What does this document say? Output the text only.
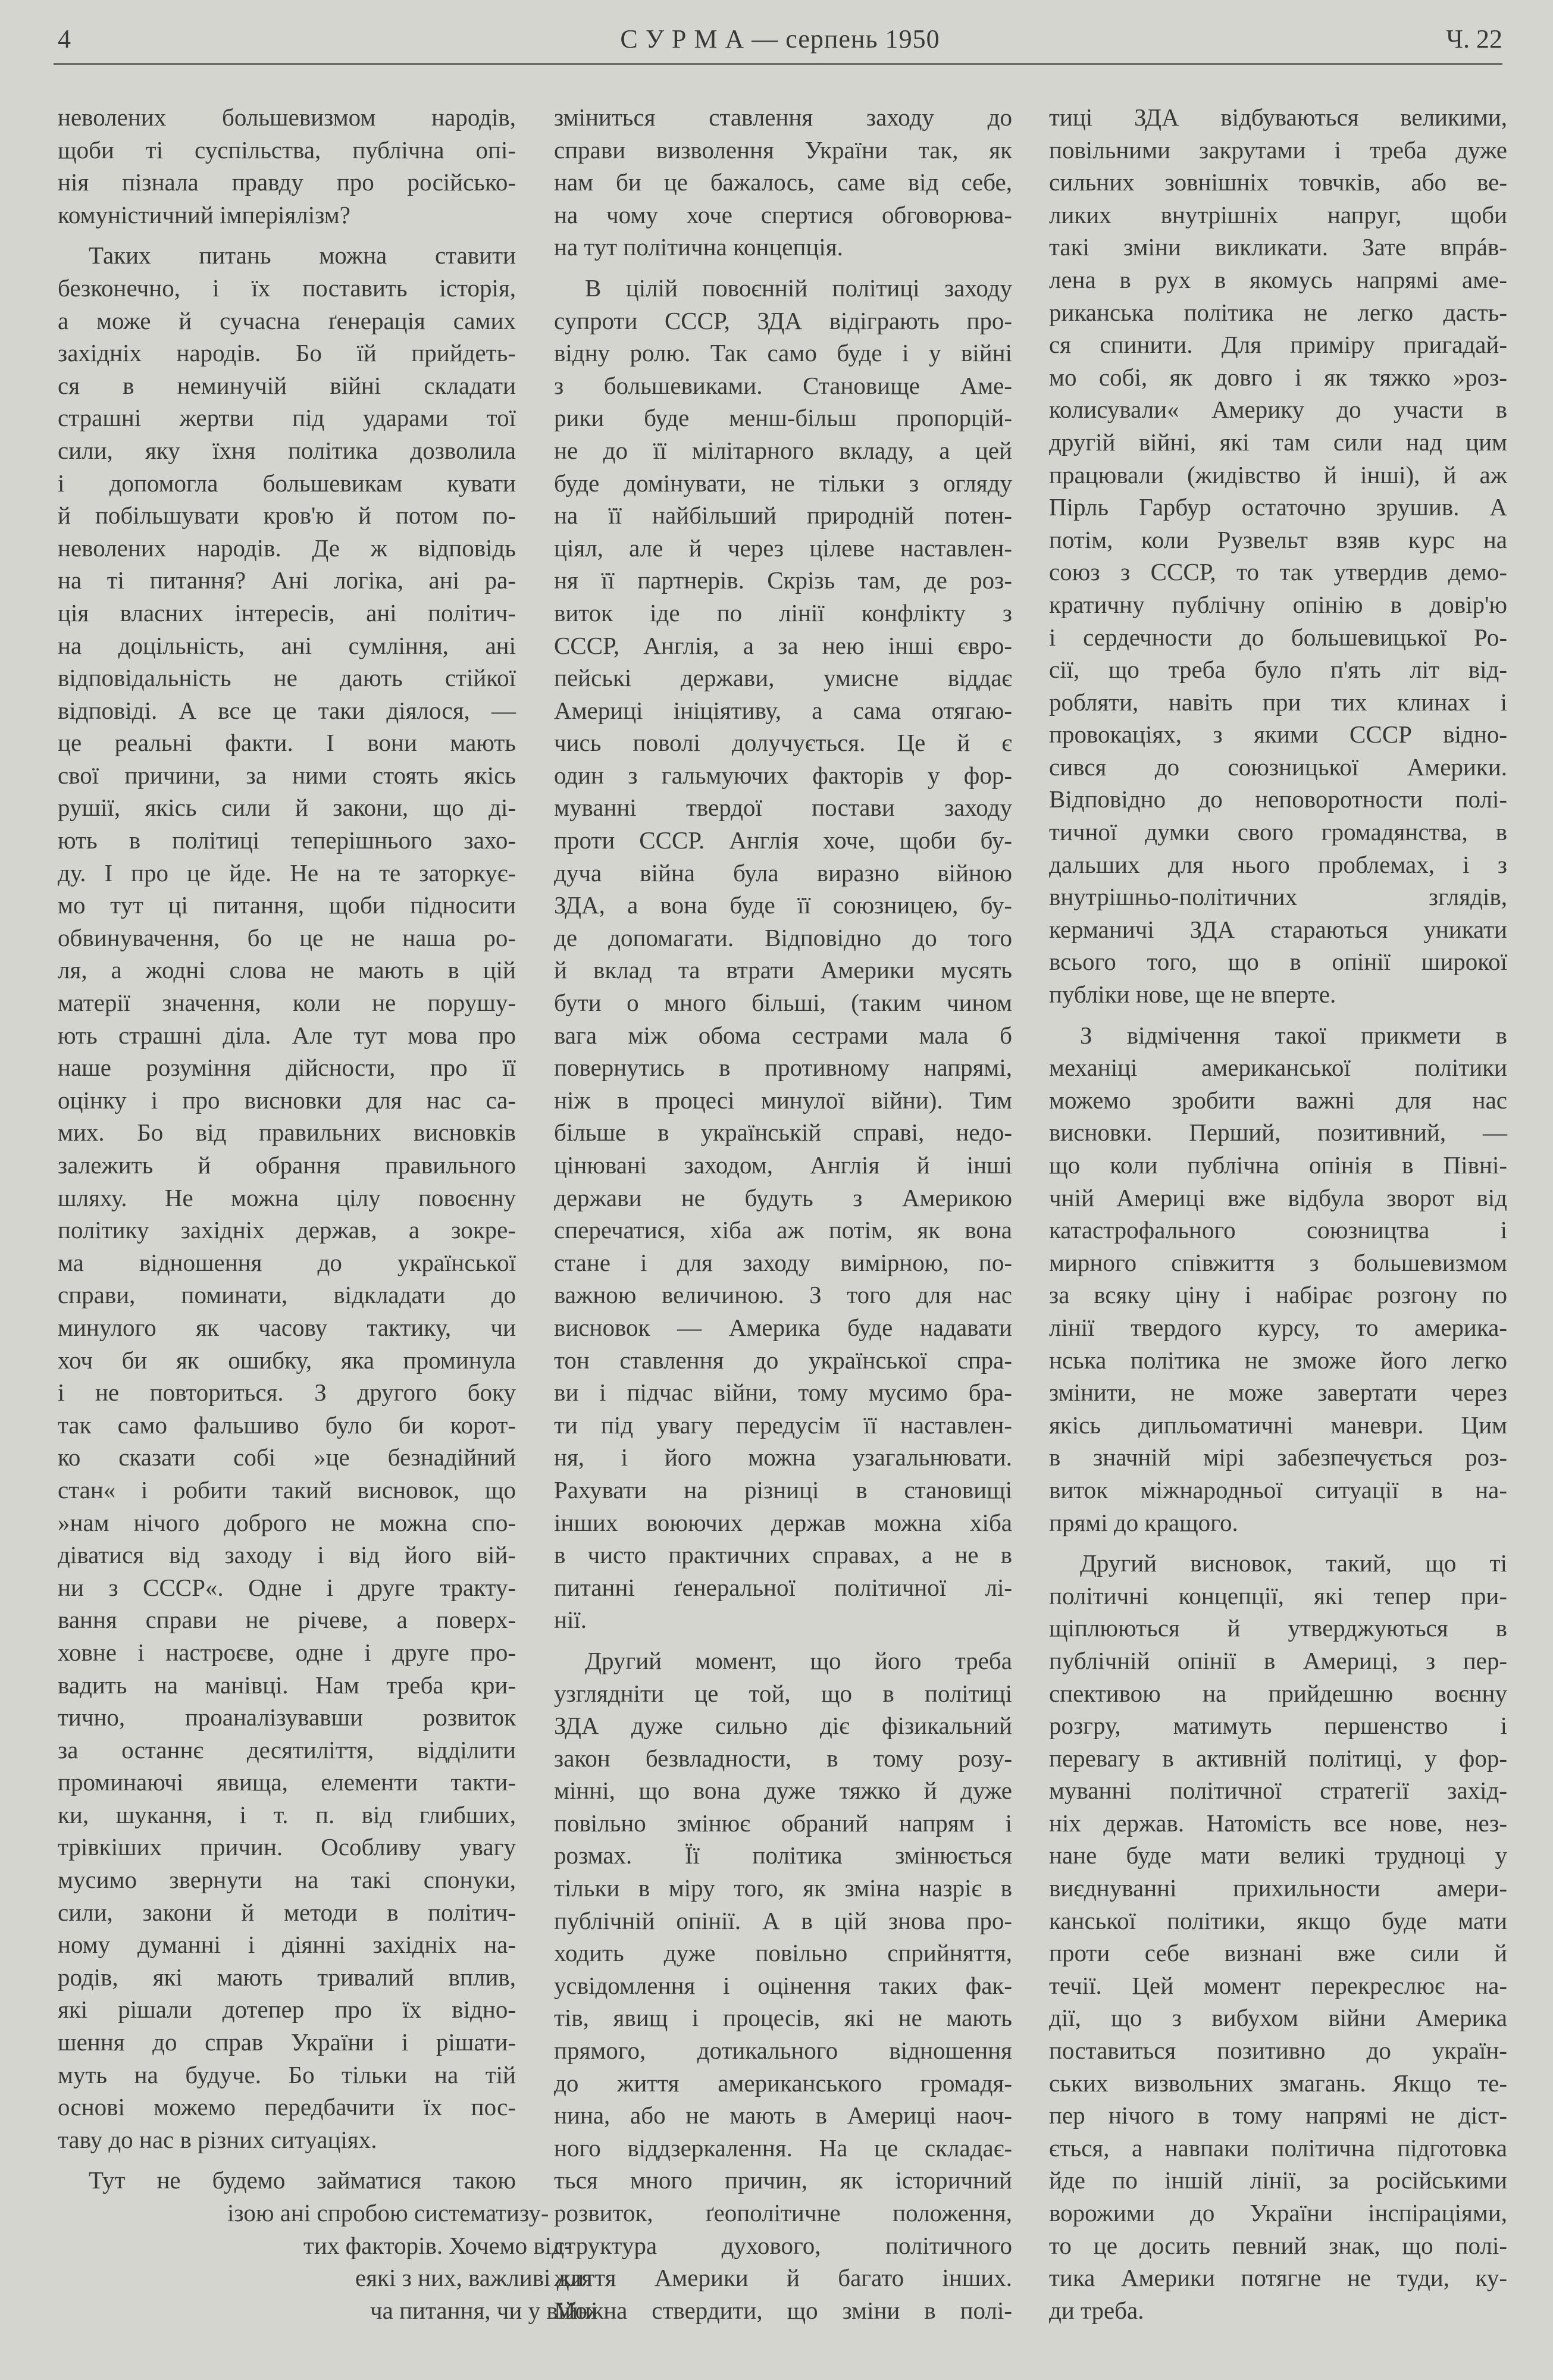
4	С У Р М А — серпень 1950	Ч. 22
неволених большевизмом народів,
щоби ті суспільства, публічна опі-
нія пізнала правду про російсько-
комуністичний імперіялізм?
Таких питань можна ставити
безконечно, і їх поставить історія,
а може й сучасна ґенерація самих
західніх народів. Бо їй прийдеть-
ся в неминучій війні складати
страшні жертви під ударами тої
сили, яку їхня політика дозволила
і допомогла большевикам кувати
й побільшувати кров'ю й потом по-
неволених народів. Де ж відповідь
на ті питання? Ані логіка, ані ра-
ція власних інтересів, ані політич-
на доцільність, ані сумління, ані
відповідальність не дають стійкої
відповіді. А все це таки діялося, —
це реальні факти. І вони мають
свої причини, за ними стоять якісь
рушії, якісь сили й закони, що ді-
ють в політиці теперішнього захо-
ду. І про це йде. Не на те заторкує-
мо тут ці питання, щоби підносити
обвинувачення, бо це не наша ро-
ля, а жодні слова не мають в цій
матерії значення, коли не порушу-
ють страшні діла. Але тут мова про
наше розуміння дійсности, про її
оцінку і про висновки для нас са-
мих. Бо від правильних висновків
залежить й обрання правильного
шляху. Не можна цілу повоєнну
політику західніх держав, а зокре-
ма відношення до української
справи, поминати, відкладати до
минулого як часову тактику, чи
хоч би як ошибку, яка проминула
і не повториться. З другого боку
так само фальшиво було би корот-
ко сказати собі »це безнадійний
стан« і робити такий висновок, що
»нам нічого доброго не можна спо-
діватися від заходу і від його вій-
ни з СССР«. Одне і друге тракту-
вання справи не річеве, а поверх-
ховне і настроєве, одне і друге про-
вадить на манівці. Нам треба кри-
тично, проаналізувавши розвиток
за останнє десятиліття, відділити
проминаючі явища, елементи такти-
ки, шукання, і т. п. від глибших,
трівкіших причин. Особливу увагу
мусимо звернути на такі спонуки,
сили, закони й методи в політич-
ному думанні і діянні західніх на-
родів, які мають тривалий вплив,
які рішали дотепер про їх відно-
шення до справ України і рішати-
муть на будуче. Бо тільки на тій
основі можемо передбачити їх пос-
таву до нас в різних ситуаціях.
Тут не будемо займатися такою
ізою ані спробою систематизу-
тих факторів. Хочемо від-
еякі з них, важливі для
ча питання, чи у війні
зміниться ставлення заходу до
справи визволення України так, як
нам би це бажалось, саме від себе,
на чому хоче спертися обговорюва-
на тут політична концепція.
В цілій повоєнній політиці заходу
супроти СССР, ЗДА відіграють про-
відну ролю. Так само буде і у війні
з большевиками. Становище Аме-
рики буде менш-більш пропорцій-
не до її мілітарного вкладу, а цей
буде домінувати, не тільки з огляду
на її найбільший природній потен-
ціял, але й через цілеве наставлен-
ня її партнерів. Скрізь там, де роз-
виток іде по лінії конфлікту з
СССР, Англія, а за нею інші євро-
пейські держави, умисне віддає
Америці ініціятиву, а сама отягаю-
чись поволі долучується. Це й є
один з гальмуючих факторів у фор-
муванні твердої постави заходу
проти СССР. Англія хоче, щоби бу-
дуча війна була виразно війною
ЗДА, а вона буде її союзницею, бу-
де допомагати. Відповідно до того
й вклад та втрати Америки мусять
бути о много більші, (таким чином
вага між обома сестрами мала б
повернутись в противному напрямі,
ніж в процесі минулої війни). Тим
більше в українській справі, недо-
цінювані заходом, Англія й інші
держави не будуть з Америкою
сперечатися, хіба аж потім, як вона
стане і для заходу вимірною, по-
важною величиною. З того для нас
висновок — Америка буде надавати
тон ставлення до української спра-
ви і підчас війни, тому мусимо бра-
ти під увагу передусім її наставлен-
ня, і його можна узагальнювати.
Рахувати на різниці в становищі
інших воюючих держав можна хіба
в чисто практичних справах, а не в
питанні ґенеральної політичної лі-
нії.
Другий момент, що його треба
узглядніти це той, що в політиці
ЗДА дуже сильно діє фізикальний
закон безвладности, в тому розу-
мінні, що вона дуже тяжко й дуже
повільно змінює обраний напрям і
розмах. Її політика змінюється
тільки в міру того, як зміна назріє в
публічній опінії. А в цій знова про-
ходить дуже повільно сприйняття,
усвідомлення і оцінення таких фак-
тів, явищ і процесів, які не мають
прямого, дотикального відношення
до життя американського громадя-
нина, або не мають в Америці наоч-
ного віддзеркалення. На це складає-
ться много причин, як історичний
розвиток, ґеополітичне положення,
структура духового, політичного
життя Америки й багато інших.
Можна ствердити, що зміни в полі-
тиці ЗДА відбуваються великими,
повільними закрутами і треба дуже
сильних зовнішніх товчків, або ве-
ликих внутрішніх напруг, щоби
такі зміни викликати. Зате впрáв-
лена в рух в якомусь напрямі аме-
риканська політика не легко дасть-
ся спинити. Для приміру пригадай-
мо собі, як довго і як тяжко »роз-
колисували« Америку до участи в
другій війні, які там сили над цим
працювали (жидівство й інші), й аж
Пірль Гарбур остаточно зрушив. А
потім, коли Рузвельт взяв курс на
союз з СССР, то так утвердив демо-
кратичну публічну опінію в довір'ю
і сердечности до большевицької Ро-
сії, що треба було п'ять літ від-
робляти, навіть при тих клинах і
провокаціях, з якими СССР відно-
сився до союзницької Америки.
Відповідно до неповоротности полі-
тичної думки свого громадянства, в
дальших для нього проблемах, і з
внутрішньо-політичних зглядів,
керманичі ЗДА стараються уникати
всього того, що в опінії широкої
публіки нове, ще не вперте.
З відмічення такої прикмети в
механіці американської політики
можемо зробити важні для нас
висновки. Перший, позитивний, —
що коли публічна опінія в Півні-
чній Америці вже відбула зворот від
катастрофального союзництва і
мирного співжиття з большевизмом
за всяку ціну і набірає розгону по
лінії твердого курсу, то америка-
нська політика не зможе його легко
змінити, не може завертати через
якісь дипльоматичні маневри. Цим
в значній мірі забезпечується роз-
виток міжнародньої ситуації в на-
прямі до кращого.
Другий висновок, такий, що ті
політичні концепції, які тепер при-
щіплюються й утверджуються в
публічній опінії в Америці, з пер-
спективою на прийдешню воєнну
розгру, матимуть першенство і
перевагу в активній політиці, у фор-
муванні політичної стратегії захід-
ніх держав. Натомість все нове, нез-
нане буде мати великі трудноці у
виєднуванні прихильности амери-
канської політики, якщо буде мати
проти себе визнані вже сили й
течії. Цей момент перекреслює на-
дії, що з вибухом війни Америка
поставиться позитивно до україн-
ських визвольних змагань. Якщо те-
пер нічого в тому напрямі не діст-
ється, а навпаки політична підготовка
йде по іншій лінії, за російськими
ворожими до України інспіраціями,
то це досить певний знак, що полі-
тика Америки потягне не туди, ку-
ди треба.
